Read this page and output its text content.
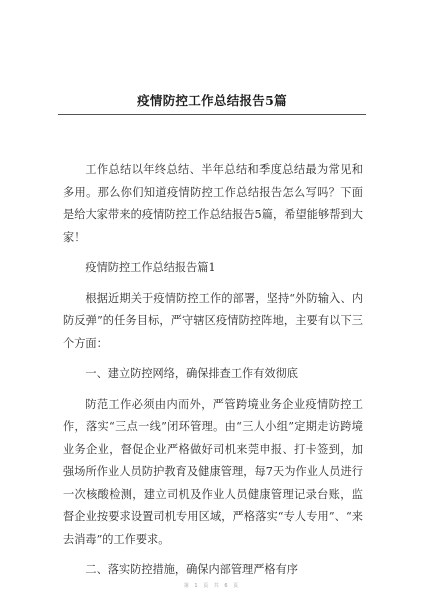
疫情防控工作总结报告5篇

工作总结以年终总结、半年总结和季度总结最为常见和多用。那么你们知道疫情防控工作总结报告怎么写吗？下面是给大家带来的疫情防控工作总结报告5篇，希望能够帮到大家！

疫情防控工作总结报告篇1

根据近期关于疫情防控工作的部署，坚持“外防输入、内防反弹”的任务目标，严守辖区疫情防控阵地，主要有以下三个方面：

一、建立防控网络，确保排查工作有效彻底

防范工作必须由内而外，严管跨境业务企业疫情防控工作，落实“三点一线”闭环管理。由“三人小组”定期走访跨境业务企业，督促企业严格做好司机来莞申报、打卡签到，加强场所作业人员防护教育及健康管理，每7天为作业人员进行一次核酸检测，建立司机及作业人员健康管理记录台账，监督企业按要求设置司机专用区域，严格落实“专人专用”、“来去消毒”的工作要求。

二、落实防控措施，确保内部管理严格有序

第 1 页 共 6 页
